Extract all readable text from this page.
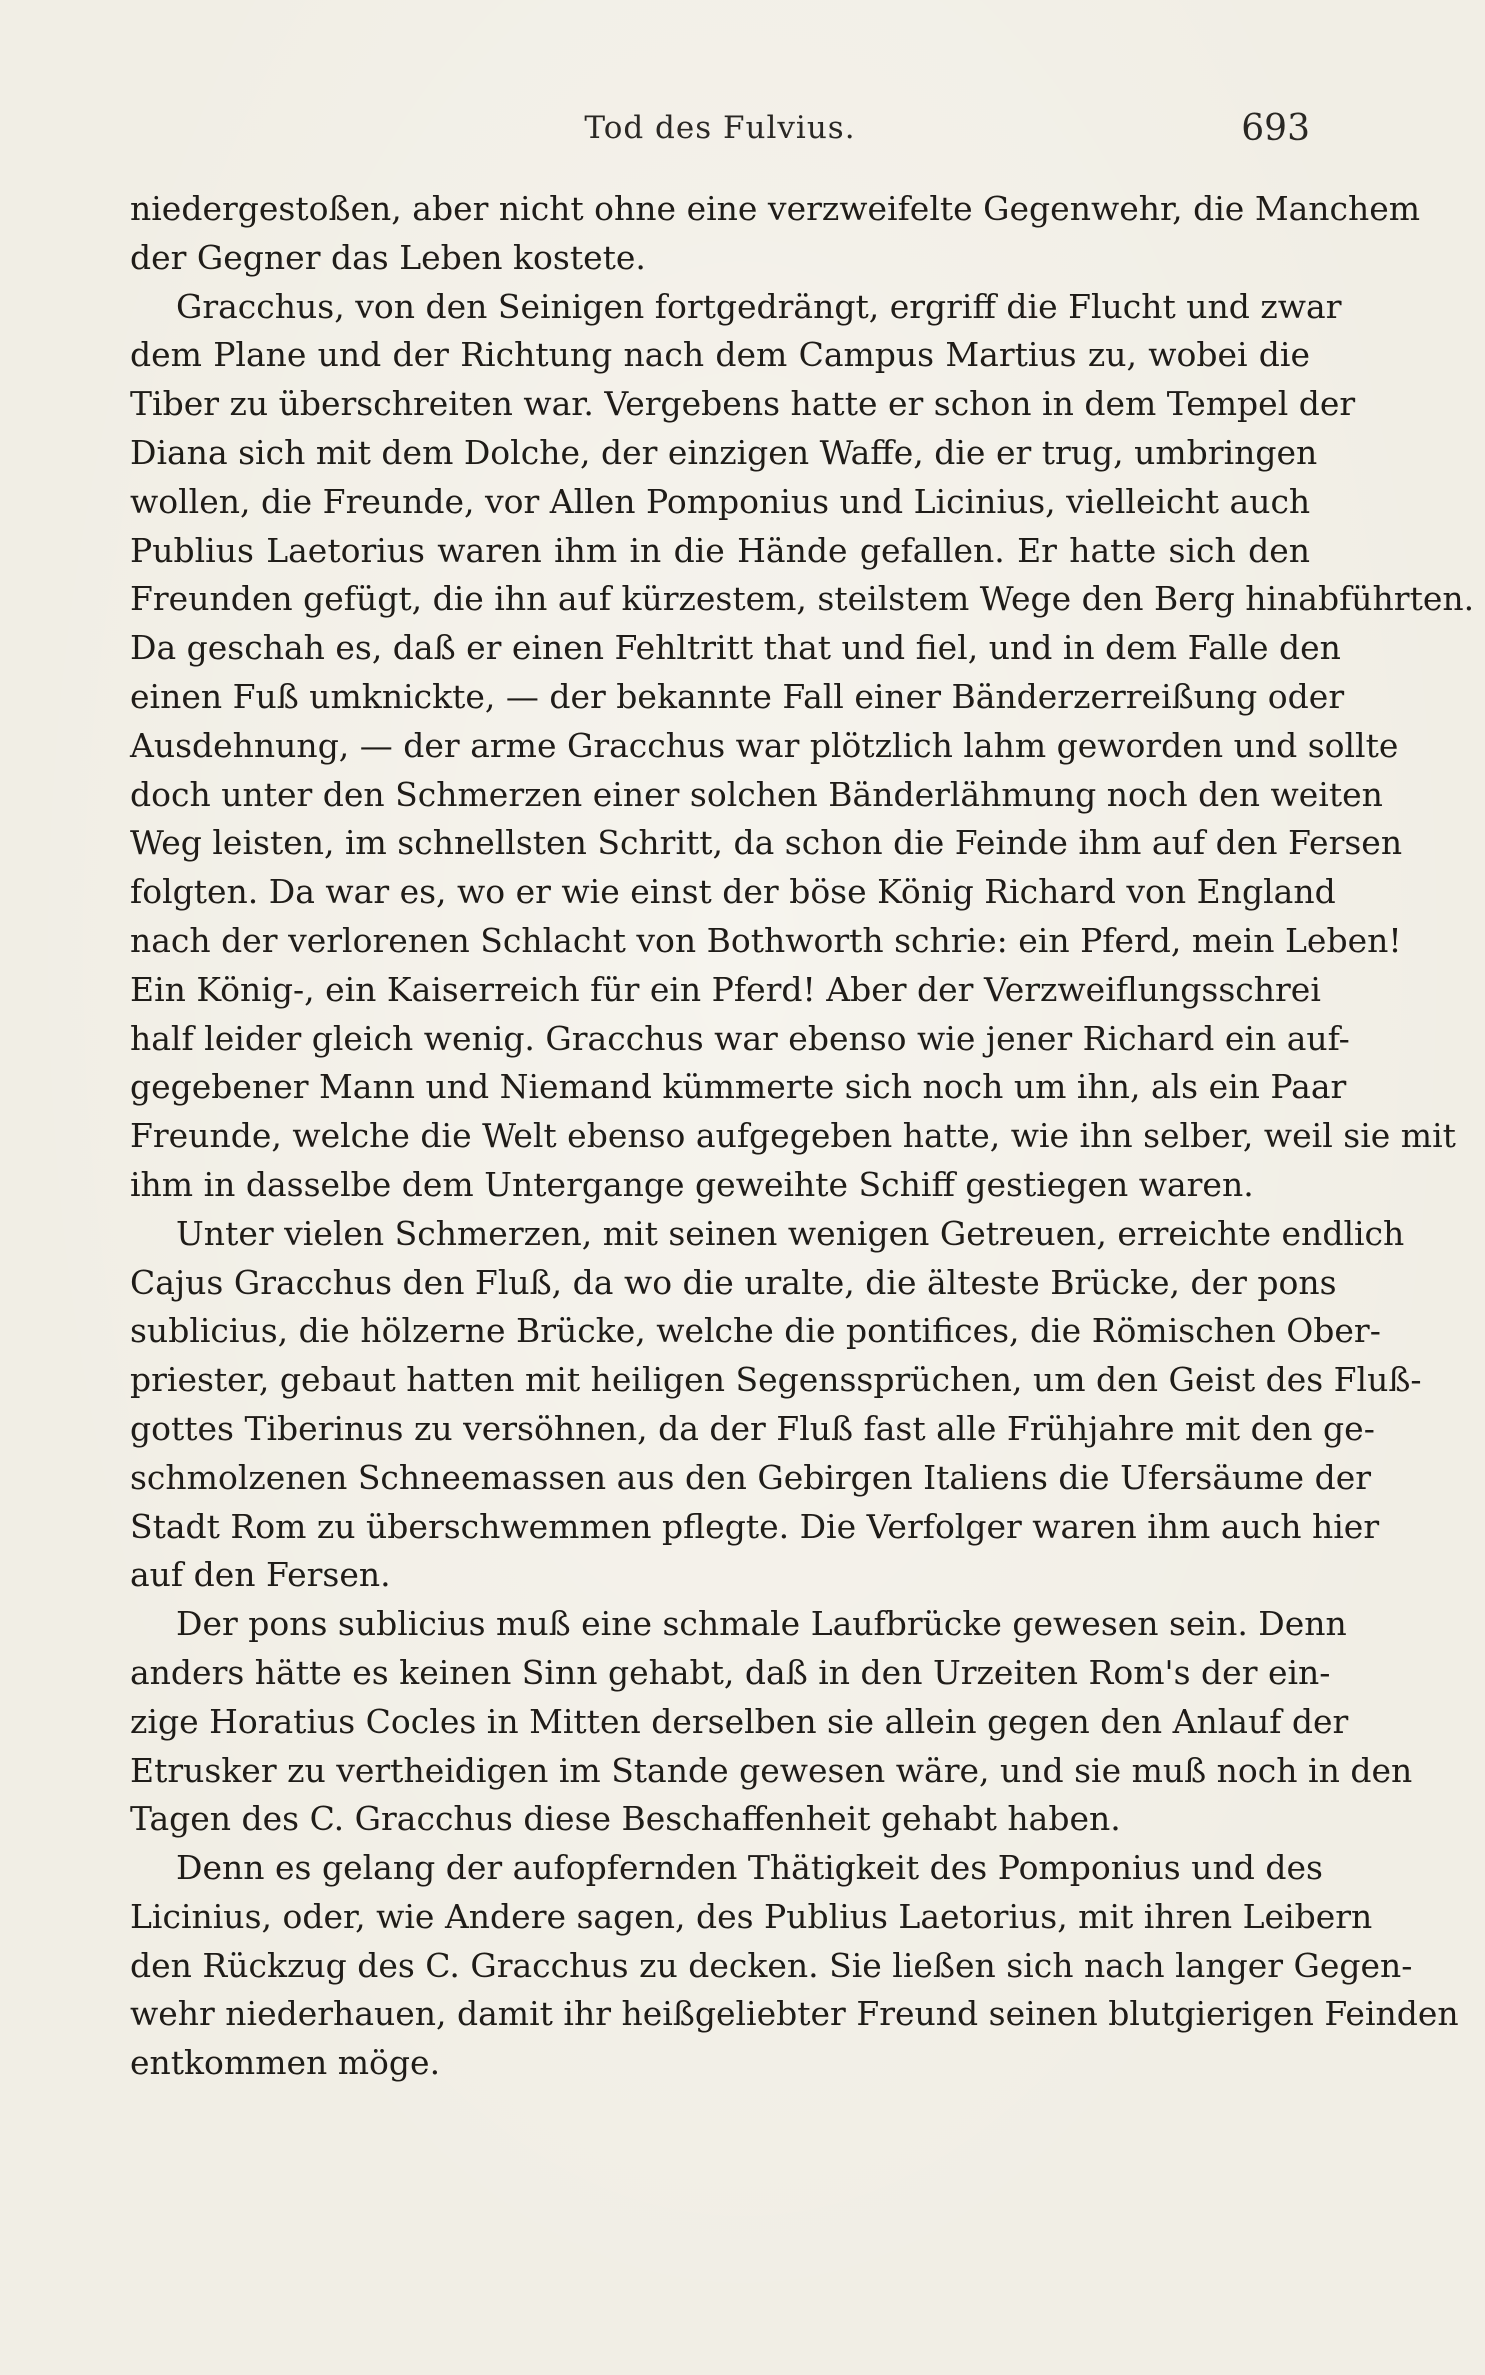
Tod des Fulvius.	693
niedergestoßen, aber nicht ohne eine verzweifelte Gegenwehr, die Manchem
der Gegner das Leben kostete.
Gracchus, von den Seinigen fortgedrängt, ergriff die Flucht und zwar
dem Plane und der Richtung nach dem Campus Martius zu, wobei die
Tiber zu überschreiten war. Vergebens hatte er schon in dem Tempel der
Diana sich mit dem Dolche, der einzigen Waffe, die er trug, umbringen
wollen, die Freunde, vor Allen Pomponius und Licinius, vielleicht auch
Publius Laetorius waren ihm in die Hände gefallen. Er hatte sich den
Freunden gefügt, die ihn auf kürzestem, steilstem Wege den Berg hinabführten.
Da geschah es, daß er einen Fehltritt that und fiel, und in dem Falle den
einen Fuß umknickte, — der bekannte Fall einer Bänderzerreißung oder
Ausdehnung, — der arme Gracchus war plötzlich lahm geworden und sollte
doch unter den Schmerzen einer solchen Bänderlähmung noch den weiten
Weg leisten, im schnellsten Schritt, da schon die Feinde ihm auf den Fersen
folgten. Da war es, wo er wie einst der böse König Richard von England
nach der verlorenen Schlacht von Bothworth schrie: ein Pferd, mein Leben!
Ein König-, ein Kaiserreich für ein Pferd! Aber der Verzweiflungsschrei
half leider gleich wenig. Gracchus war ebenso wie jener Richard ein auf-
gegebener Mann und Niemand kümmerte sich noch um ihn, als ein Paar
Freunde, welche die Welt ebenso aufgegeben hatte, wie ihn selber, weil sie mit
ihm in dasselbe dem Untergange geweihte Schiff gestiegen waren.
Unter vielen Schmerzen, mit seinen wenigen Getreuen, erreichte endlich
Cajus Gracchus den Fluß, da wo die uralte, die älteste Brücke, der pons
sublicius, die hölzerne Brücke, welche die pontifices, die Römischen Ober-
priester, gebaut hatten mit heiligen Segenssprüchen, um den Geist des Fluß-
gottes Tiberinus zu versöhnen, da der Fluß fast alle Frühjahre mit den ge-
schmolzenen Schneemassen aus den Gebirgen Italiens die Ufersäume der
Stadt Rom zu überschwemmen pflegte. Die Verfolger waren ihm auch hier
auf den Fersen.
Der pons sublicius muß eine schmale Laufbrücke gewesen sein. Denn
anders hätte es keinen Sinn gehabt, daß in den Urzeiten Rom's der ein-
zige Horatius Cocles in Mitten derselben sie allein gegen den Anlauf der
Etrusker zu vertheidigen im Stande gewesen wäre, und sie muß noch in den
Tagen des C. Gracchus diese Beschaffenheit gehabt haben.
Denn es gelang der aufopfernden Thätigkeit des Pomponius und des
Licinius, oder, wie Andere sagen, des Publius Laetorius, mit ihren Leibern
den Rückzug des C. Gracchus zu decken. Sie ließen sich nach langer Gegen-
wehr niederhauen, damit ihr heißgeliebter Freund seinen blutgierigen Feinden
entkommen möge.
